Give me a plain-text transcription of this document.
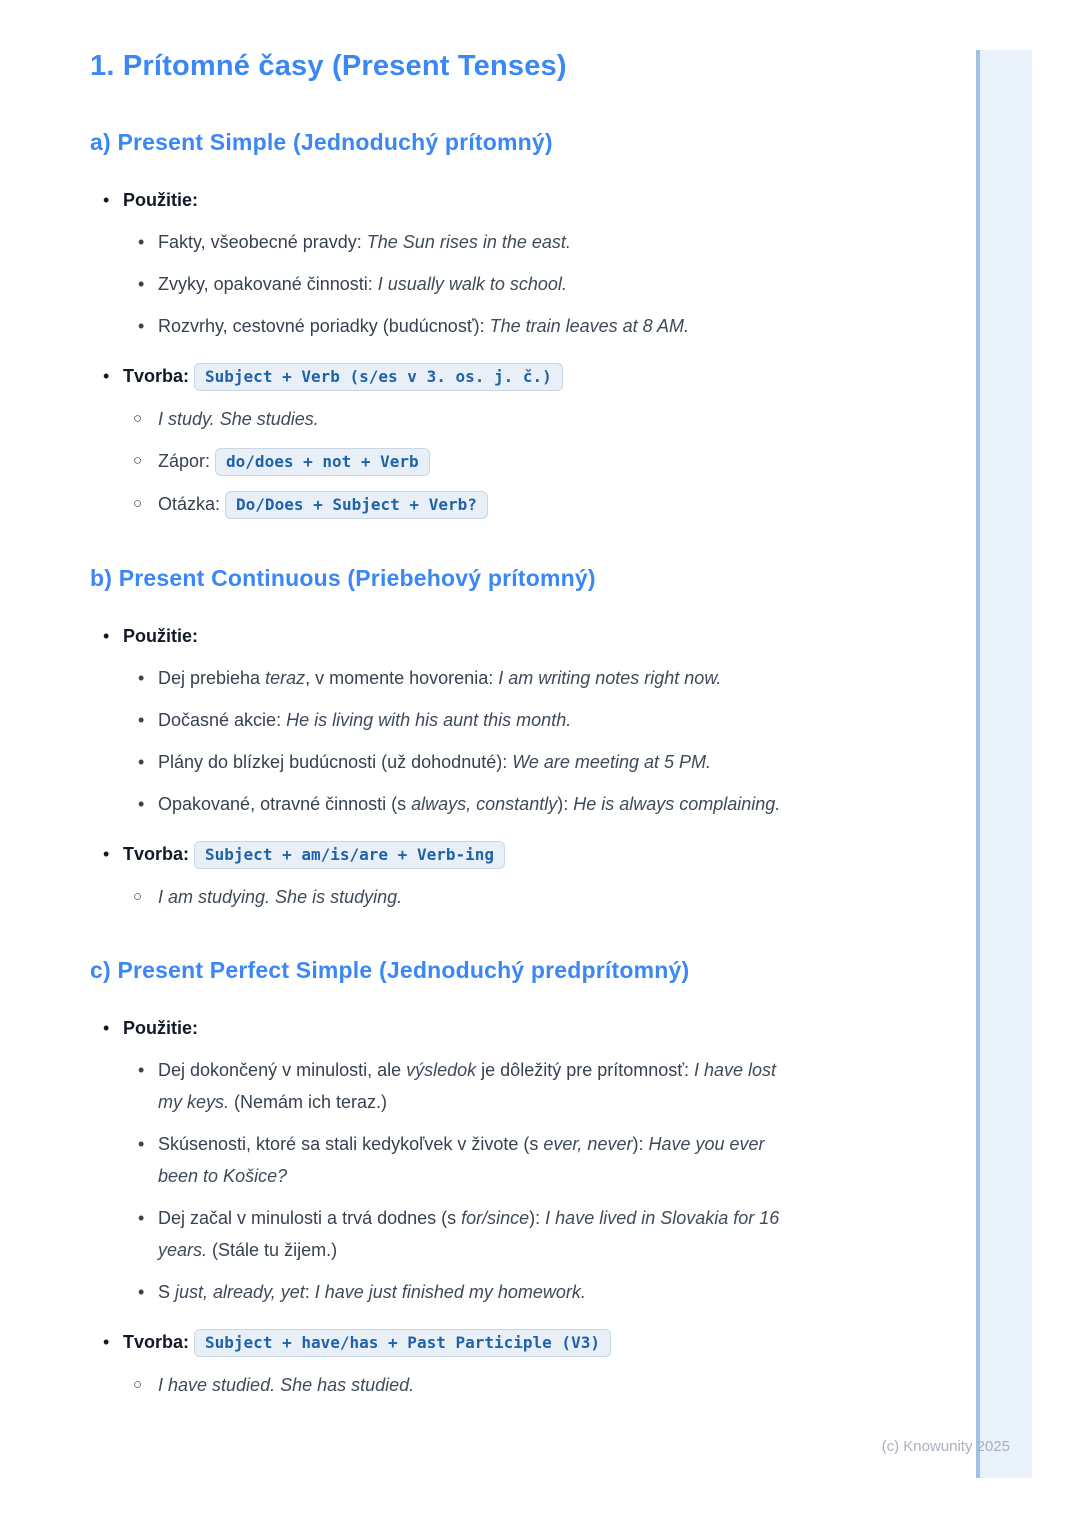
1. Prítomné časy (Present Tenses)
a) Present Simple (Jednoduchý prítomný)
• Použitie:
• Fakty, všeobecné pravdy: The Sun rises in the east.
• Zvyky, opakované činnosti: I usually walk to school.
• Rozvrhy, cestovné poriadky (budúcnosť): The train leaves at 8 AM.
• Tvorba: Subject + Verb (s/es v 3. os. j. č.)
○ I study. She studies.
○ Zápor: do/does + not + Verb
○ Otázka: Do/Does + Subject + Verb?
b) Present Continuous (Priebehový prítomný)
• Použitie:
• Dej prebieha teraz, v momente hovorenia: I am writing notes right now.
• Dočasné akcie: He is living with his aunt this month.
• Plány do blízkej budúcnosti (už dohodnuté): We are meeting at 5 PM.
• Opakované, otravné činnosti (s always, constantly): He is always complaining.
• Tvorba: Subject + am/is/are + Verb-ing
○ I am studying. She is studying.
c) Present Perfect Simple (Jednoduchý predprítomný)
• Použitie:
• Dej dokončený v minulosti, ale výsledok je dôležitý pre prítomnosť: I have lost my keys. (Nemám ich teraz.)
• Skúsenosti, ktoré sa stali kedykoľvek v živote (s ever, never): Have you ever been to Košice?
• Dej začal v minulosti a trvá dodnes (s for/since): I have lived in Slovakia for 16 years. (Stále tu žijem.)
• S just, already, yet: I have just finished my homework.
• Tvorba: Subject + have/has + Past Participle (V3)
○ I have studied. She has studied.
(c) Knowunity 2025
